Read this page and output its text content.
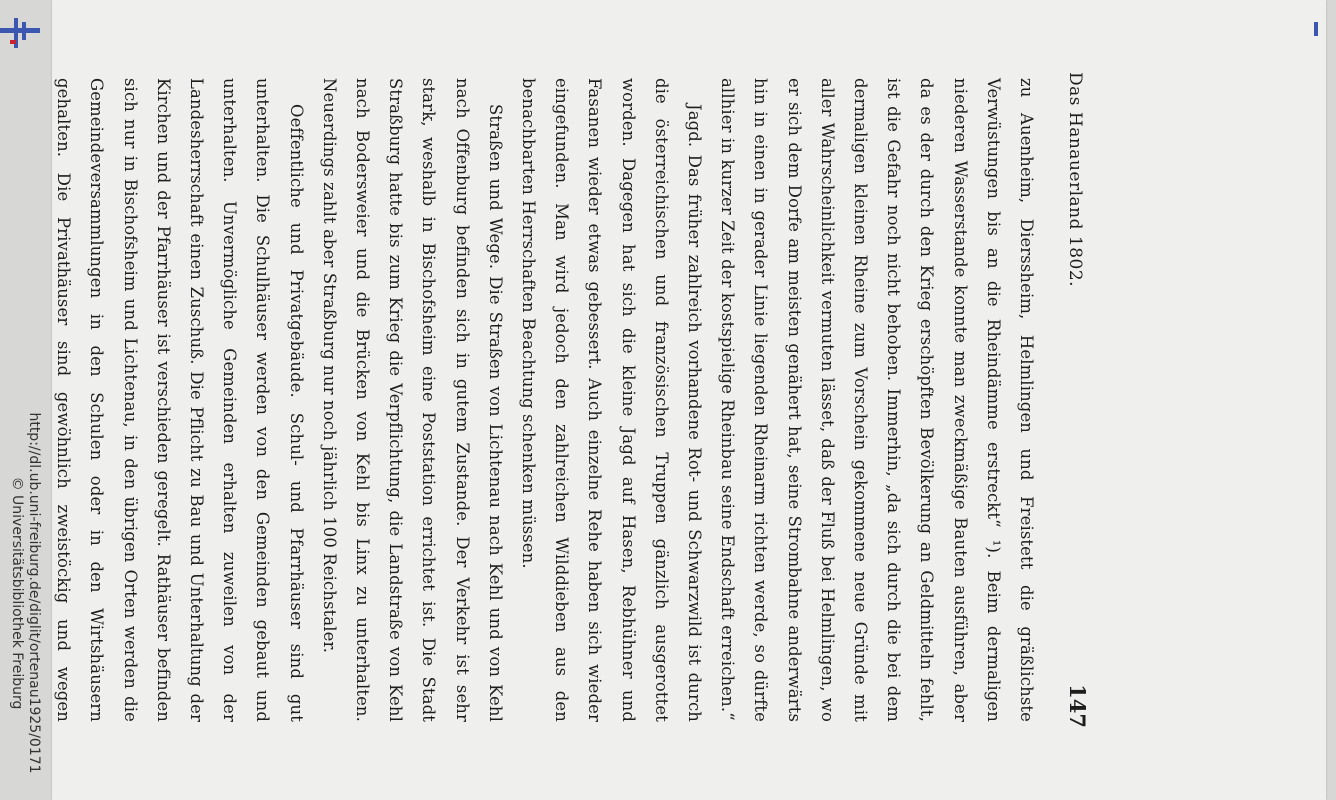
http://dl.ub.uni-freiburg.de/diglit/ortenau1925/0171
© Universitätsbibliothek Freiburg
Das Hanauerland 1802.
147

zu Auenheim, Dierssheim, Helmlingen und Freistett die gräßlichste Verwüstungen bis an die Rheindämme erstreckt“ ¹). Beim dermaligen niederen Wasserstande konnte man zweckmäßige Bauten ausführen, aber da es der durch den Krieg erschöpften Bevölkerung an Geldmitteln fehlt, ist die Gefahr noch nicht behoben. Immerhin, „da sich durch die bei dem dermaligen kleinen Rheine zum Vorschein gekommene neue Gründe mit aller Wahrscheinlichkeit vermuten lässet, daß der Fluß bei Helmlingen, wo er sich dem Dorfe am meisten genähert hat, seine Strombahne anderwärts hin in einen in gerader Linie liegenden Rheinarm richten werde, so dürfte allhier in kurzer Zeit der kostspielige Rheinbau seine Endschaft erreichen.“

Jagd. Das früher zahlreich vorhandene Rot- und Schwarzwild ist durch die österreichischen und französischen Truppen gänzlich ausgerottet worden. Dagegen hat sich die kleine Jagd auf Hasen, Rebhühner und Fasanen wieder etwas gebessert. Auch einzelne Rehe haben sich wieder eingefunden. Man wird jedoch den zahlreichen Wilddieben aus den benachbarten Herrschaften Beachtung schenken müssen.

Straßen und Wege. Die Straßen von Lichtenau nach Kehl und von Kehl nach Offenburg befinden sich in gutem Zustande. Der Verkehr ist sehr stark, weshalb in Bischofsheim eine Poststation errichtet ist. Die Stadt Straßburg hatte bis zum Krieg die Verpflichtung, die Landstraße von Kehl nach Bodersweier und die Brücken von Kehl bis Linx zu unterhalten. Neuerdings zahlt aber Straßburg nur noch jährlich 100 Reichstaler.

Oeffentliche und Privatgebäude. Schul- und Pfarrhäuser sind gut unterhalten. Die Schulhäuser werden von den Gemeinden gebaut und unterhalten. Unvermögliche Gemeinden erhalten zuweilen von der Landesherrschaft einen Zuschuß. Die Pflicht zu Bau und Unterhaltung der Kirchen und der Pfarrhäuser ist verschieden geregelt. Rathäuser befinden sich nur in Bischofsheim und Lichtenau, in den übrigen Orten werden die Gemeindeversammlungen in den Schulen oder in den Wirtshäusern gehalten. Die Privathäuser sind gewöhnlich zweistöckig und wegen
